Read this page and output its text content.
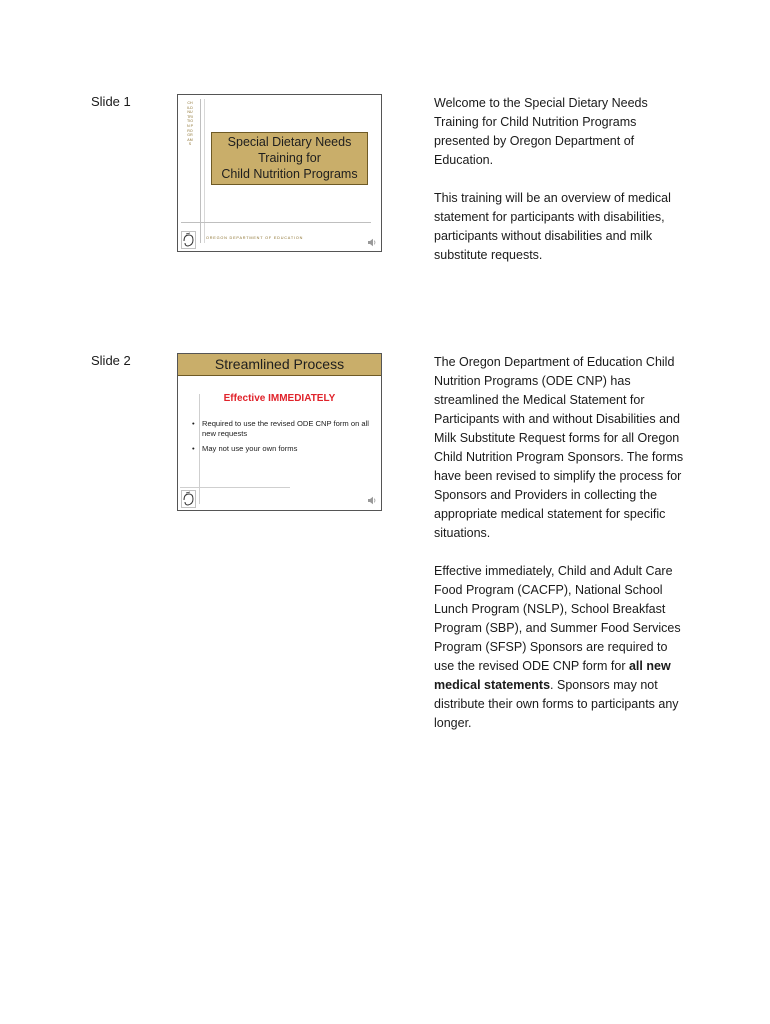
Slide 1	CHILD NUTRITION PROGRAMS	Special Dietary Needs
Training for
Child Nutrition Programs
OREGON DEPARTMENT OF EDUCATION

Welcome to the Special Dietary Needs Training for Child Nutrition Programs presented by Oregon Department of Education.

This training will be an overview of medical statement for participants with disabilities, participants without disabilities and milk substitute requests.

Slide 2	Streamlined Process
Effective IMMEDIATELY
• Required to use the revised ODE CNP form on all new requests
• May not use your own forms

The Oregon Department of Education Child Nutrition Programs (ODE CNP) has streamlined the Medical Statement for Participants with and without Disabilities and Milk Substitute Request forms for all Oregon Child Nutrition Program Sponsors. The forms have been revised to simplify the process for Sponsors and Providers in collecting the appropriate medical statement for specific situations.

Effective immediately, Child and Adult Care Food Program (CACFP), National School Lunch Program (NSLP), School Breakfast Program (SBP), and Summer Food Services Program (SFSP) Sponsors are required to use the revised ODE CNP form for all new medical statements. Sponsors may not distribute their own forms to participants any longer.
